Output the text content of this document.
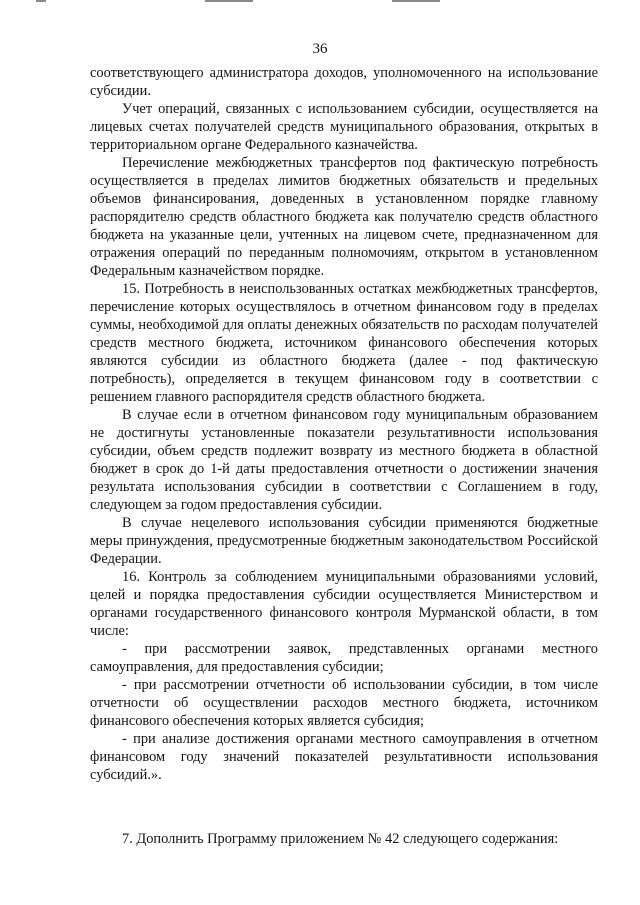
36

соответствующего администратора доходов, уполномоченного на использование субсидии.

Учет операций, связанных с использованием субсидии, осуществляется на лицевых счетах получателей средств муниципального образования, открытых в территориальном органе Федерального казначейства.

Перечисление межбюджетных трансфертов под фактическую потребность осуществляется в пределах лимитов бюджетных обязательств и предельных объемов финансирования, доведенных в установленном порядке главному распорядителю средств областного бюджета как получателю средств областного бюджета на указанные цели, учтенных на лицевом счете, предназначенном для отражения операций по переданным полномочиям, открытом в установленном Федеральным казначейством порядке.

15. Потребность в неиспользованных остатках межбюджетных трансфертов, перечисление которых осуществлялось в отчетном финансовом году в пределах суммы, необходимой для оплаты денежных обязательств по расходам получателей средств местного бюджета, источником финансового обеспечения которых являются субсидии из областного бюджета (далее - под фактическую потребность), определяется в текущем финансовом году в соответствии с решением главного распорядителя средств областного бюджета.

В случае если в отчетном финансовом году муниципальным образованием не достигнуты установленные показатели результативности использования субсидии, объем средств подлежит возврату из местного бюджета в областной бюджет в срок до 1-й даты предоставления отчетности о достижении значения результата использования субсидии в соответствии с Соглашением в году, следующем за годом предоставления субсидии.

В случае нецелевого использования субсидии применяются бюджетные меры принуждения, предусмотренные бюджетным законодательством Российской Федерации.

16. Контроль за соблюдением муниципальными образованиями условий, целей и порядка предоставления субсидии осуществляется Министерством и органами государственного финансового контроля Мурманской области, в том числе:

- при рассмотрении заявок, представленных органами местного самоуправления, для предоставления субсидии;

- при рассмотрении отчетности об использовании субсидии, в том числе отчетности об осуществлении расходов местного бюджета, источником финансового обеспечения которых является субсидия;

- при анализе достижения органами местного самоуправления в отчетном финансовом году значений показателей результативности использования субсидий.».

7. Дополнить Программу приложением № 42 следующего содержания:
